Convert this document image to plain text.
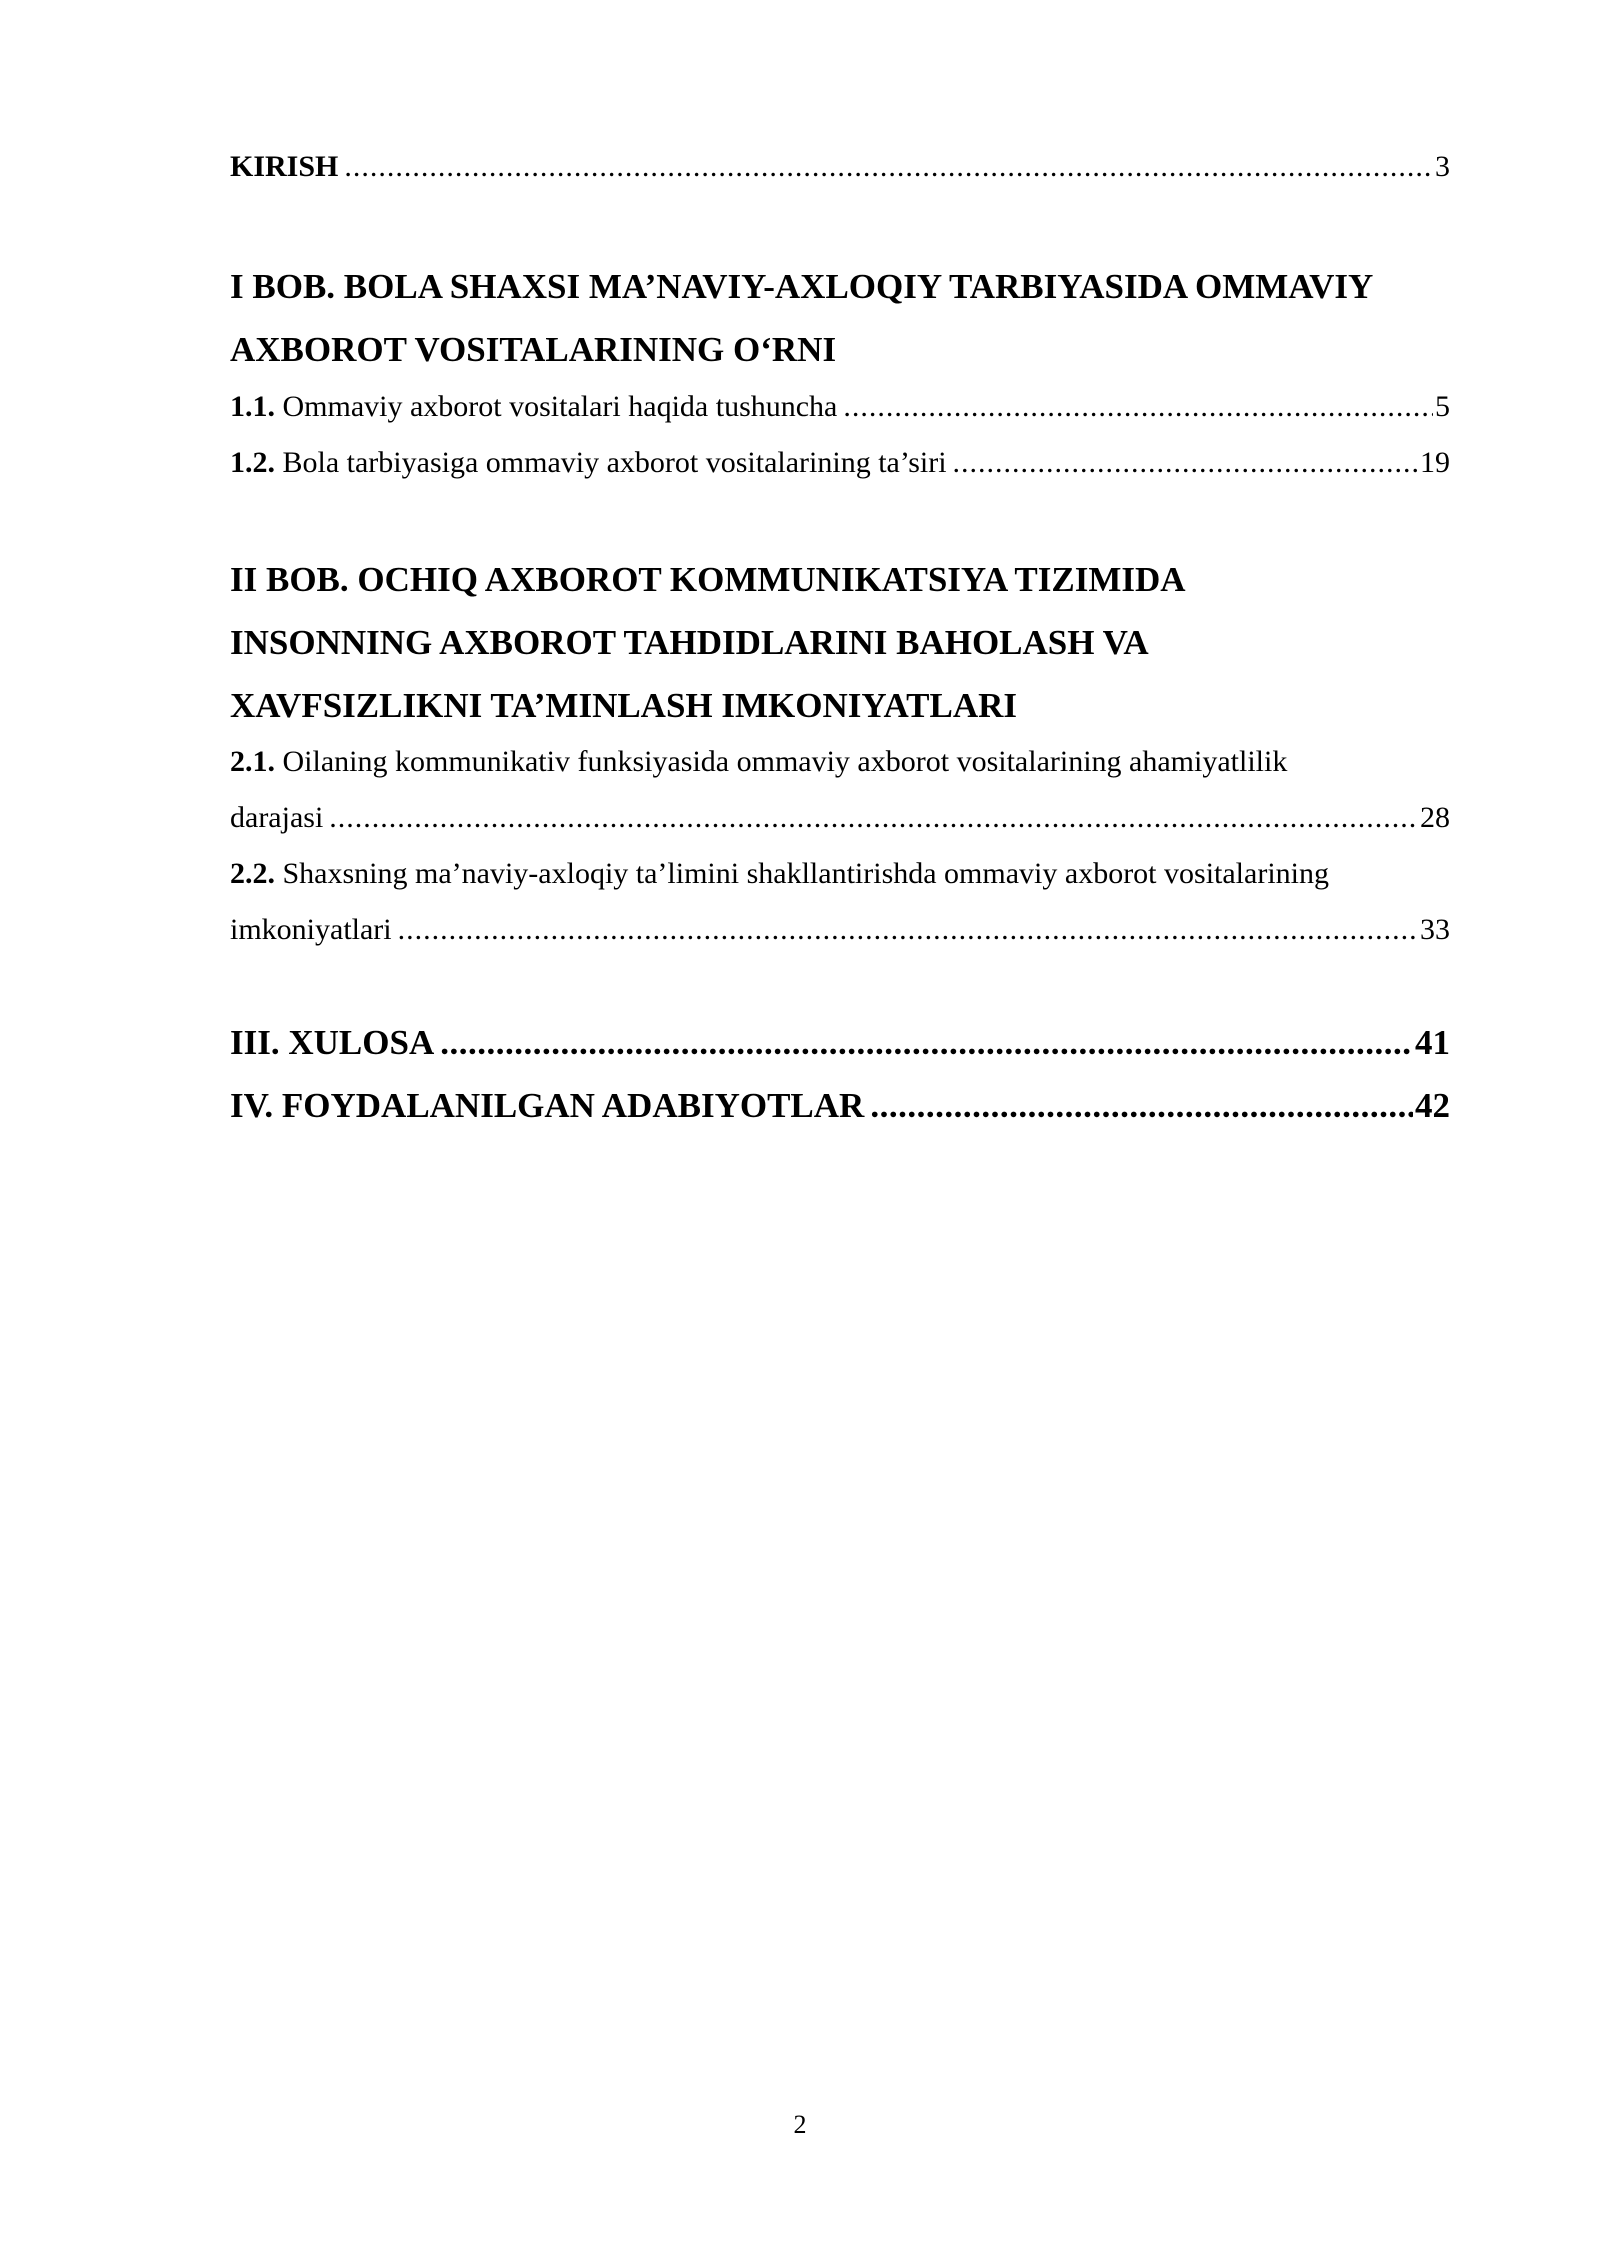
KIRISH .....	3
I BOB. BOLA SHAXSI MA’NAVIY-AXLOQIY TARBIYASIDA OMMAVIY
AXBOROT VOSITALARINING O‘RNI
1.1. Ommaviy axborot vositalari haqida tushuncha .....	5
1.2. Bola tarbiyasiga ommaviy axborot vositalarining ta’siri .....	19
II BOB. OCHIQ AXBOROT KOMMUNIKATSIYA TIZIMIDA
INSONNING AXBOROT TAHDIDLARINI BAHOLASH VA
XAVFSIZLIKNI TA’MINLASH IMKONIYATLARI
2.1. Oilaning kommunikativ funksiyasida ommaviy axborot vositalarining ahamiyatlilik
darajasi .....	28
2.2. Shaxsning ma’naviy-axloqiy ta’limini shakllantirishda ommaviy axborot vositalarining
imkoniyatlari .....	33
III. XULOSA .....	41
IV. FOYDALANILGAN ADABIYOTLAR .....	42
2
